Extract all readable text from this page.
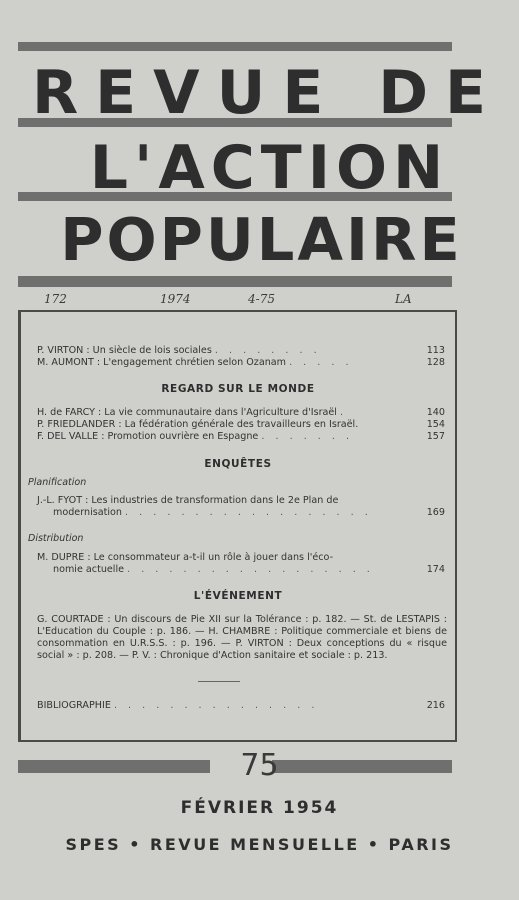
REVUE DE
L'ACTION
POPULAIRE
172	1974	4-75	LA
P. VIRTON : Un siècle de lois sociales . . . . . . . .	113
M. AUMONT : L'engagement chrétien selon Ozanam . . . . .	128
REGARD SUR LE MONDE
H. de FARCY : La vie communautaire dans l'Agriculture d'Israël .	140
P. FRIEDLANDER : La fédération générale des travailleurs en Israël.	154
F. DEL VALLE : Promotion ouvrière en Espagne . . . . . . .	157
ENQUÊTES
Planification
J.-L. FYOT : Les industries de transformation dans le 2e Plan de
modernisation . . . . . . . . . . . . . . . . . .	169
Distribution
M. DUPRE : Le consommateur a-t-il un rôle à jouer dans l'éco-
nomie actuelle . . . . . . . . . . . . . . . . . .	174
L'ÉVÉNEMENT
G. COURTADE : Un discours de Pie XII sur la Tolérance : p. 182. — St. de LESTAPIS : L'Education du Couple : p. 186. — H. CHAMBRE : Politique commerciale et biens de consommation en U.R.S.S. : p. 196. — P. VIRTON : Deux conceptions du « risque social » : p. 208. — P. V. : Chronique d'Action sanitaire et sociale : p. 213.
BIBLIOGRAPHIE . . . . . . . . . . . . . . .	216
75
FÉVRIER 1954
SPES • REVUE MENSUELLE • PARIS
